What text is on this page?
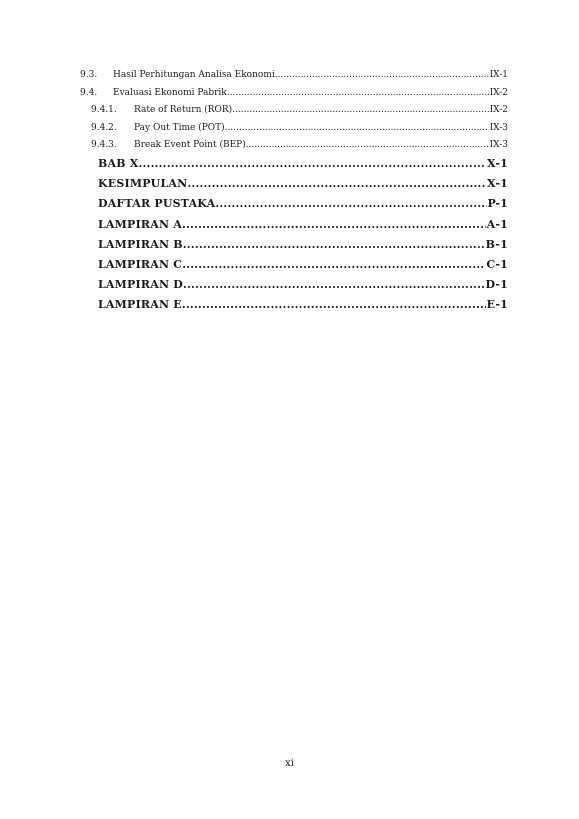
9.3.	Hasil Perhitungan Analisa Ekonomi .....	IX-1
9.4.	Evaluasi Ekonomi Pabrik .....	IX-2
9.4.1.	Rate of Return (ROR) .....	IX-2
9.4.2.	Pay Out Time (POT) .....	IX-3
9.4.3.	Break Event Point (BEP) .....	IX-3
BAB X .....	X-1
KESIMPULAN .....	X-1
DAFTAR PUSTAKA .....	P-1
LAMPIRAN A .....	A-1
LAMPIRAN B .....	B-1
LAMPIRAN C .....	C-1
LAMPIRAN D .....	D-1
LAMPIRAN E .....	E-1
xi
